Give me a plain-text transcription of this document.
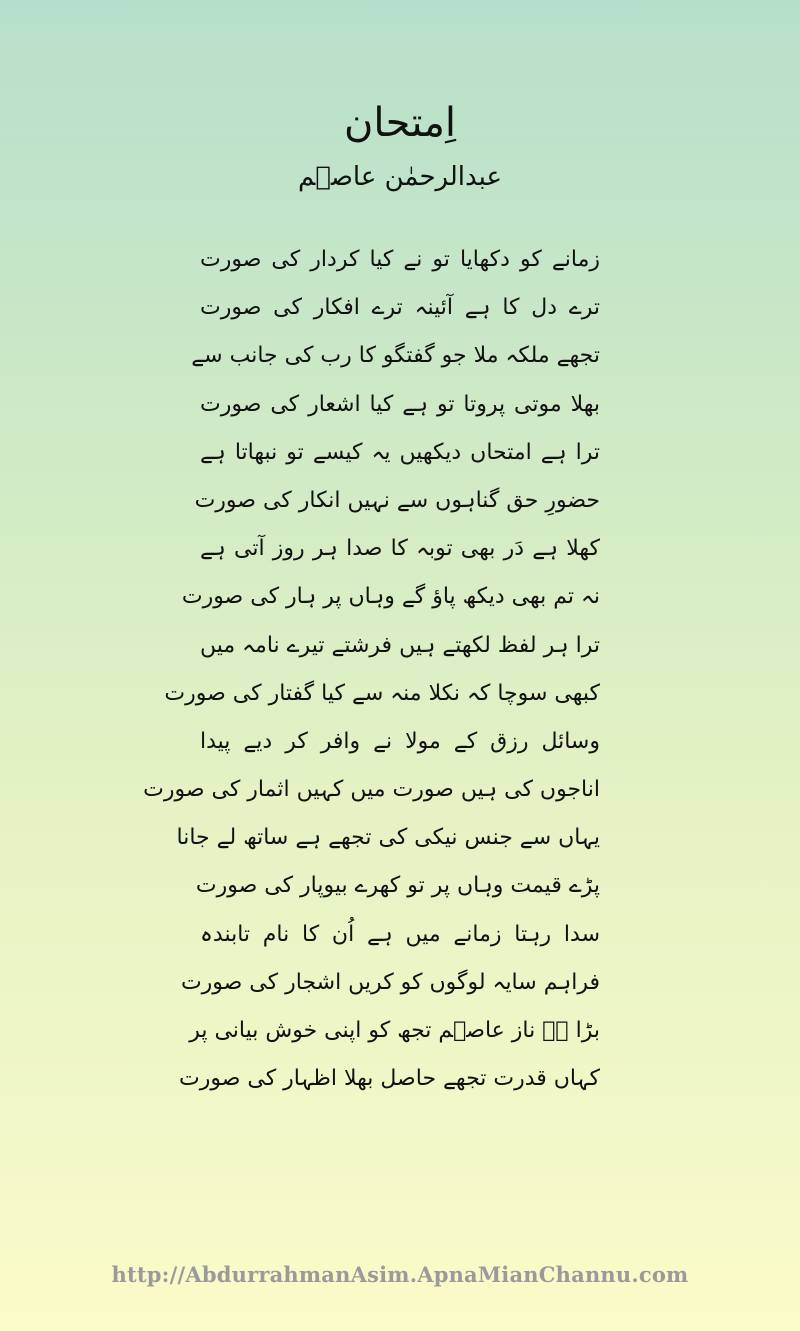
اِمتحان
عبدالرحمٰن عاصؔم
زمانے کو دکھایا تو نے کیا کردار کی صورت
ترے دل کا ہے آئینہ ترے افکار کی صورت
تجھے ملکہ ملا جو گفتگو کا رب کی جانب سے
بھلا موتی پروتا تو ہے کیا اشعار کی صورت
ترا ہے امتحاں دیکھیں یہ کیسے تو نبھاتا ہے
حضورِ حق گناہوں سے نہیں انکار کی صورت
کھلا ہے دَر بھی توبہ کا صدا ہر روز آتی ہے
نہ تم بھی دیکھ پاؤ گے وہاں پر ہار کی صورت
ترا ہر لفظ لکھتے ہیں فرشتے تیرے نامہ میں
کبھی سوچا کہ نکلا منہ سے کیا گفتار کی صورت
وسائل رزق کے مولا نے وافر کر دیے پیدا
اناجوں کی ہیں صورت میں کہیں اثمار کی صورت
یہاں سے جنس نیکی کی تجھے ہے ساتھ لے جانا
پڑے قیمت وہاں پر تو کھرے بیوپار کی صورت
سدا رہتا زمانے میں ہے اُن کا نام تابندہ
فراہم سایہ لوگوں کو کریں اشجار کی صورت
بڑا ہے ناز عاصؔم تجھ کو اپنی خوش بیانی پر
کہاں قدرت تجھے حاصل بھلا اظہار کی صورت
http://AbdurrahmanAsim.ApnaMianChannu.com
